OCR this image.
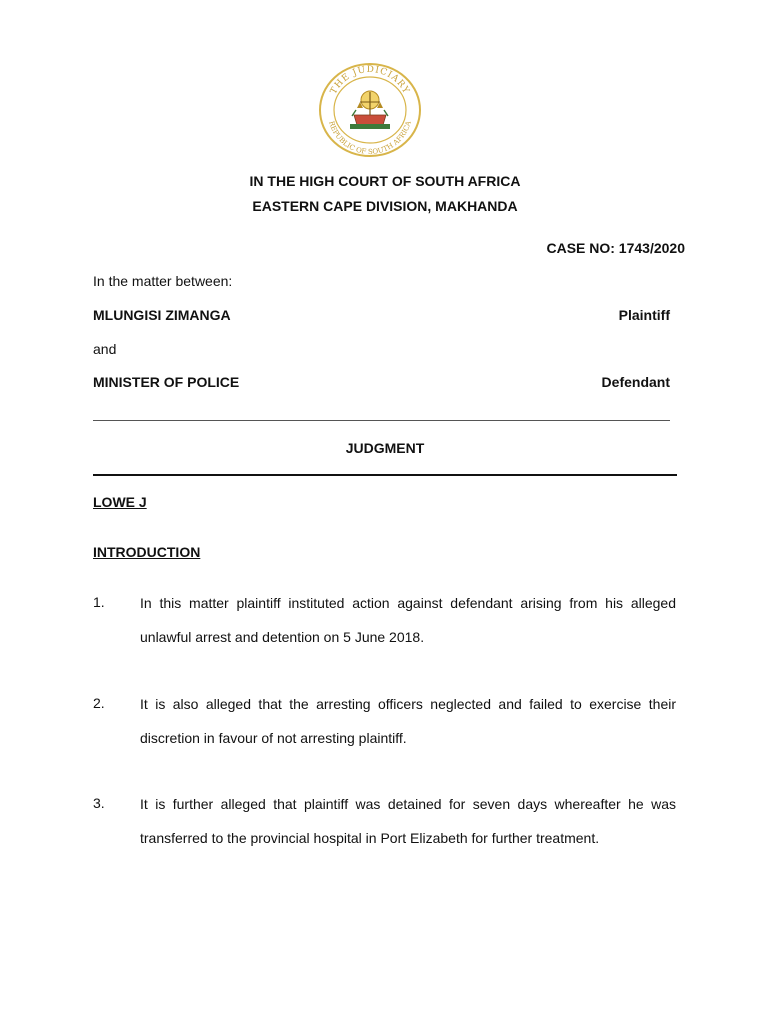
THE JUDICIARY
REPUBLIC OF SOUTH AFRICA
IN THE HIGH COURT OF SOUTH AFRICA
EASTERN CAPE DIVISION, MAKHANDA
CASE NO: 1743/2020
In the matter between:
MLUNGISI ZIMANGA	Plaintiff
and
MINISTER OF POLICE	Defendant
JUDGMENT
LOWE J
INTRODUCTION
1.	In this matter plaintiff instituted action against defendant arising from his alleged unlawful arrest and detention on 5 June 2018.
2.	It is also alleged that the arresting officers neglected and failed to exercise their discretion in favour of not arresting plaintiff.
3.	It is further alleged that plaintiff was detained for seven days whereafter he was transferred to the provincial hospital in Port Elizabeth for further treatment.
